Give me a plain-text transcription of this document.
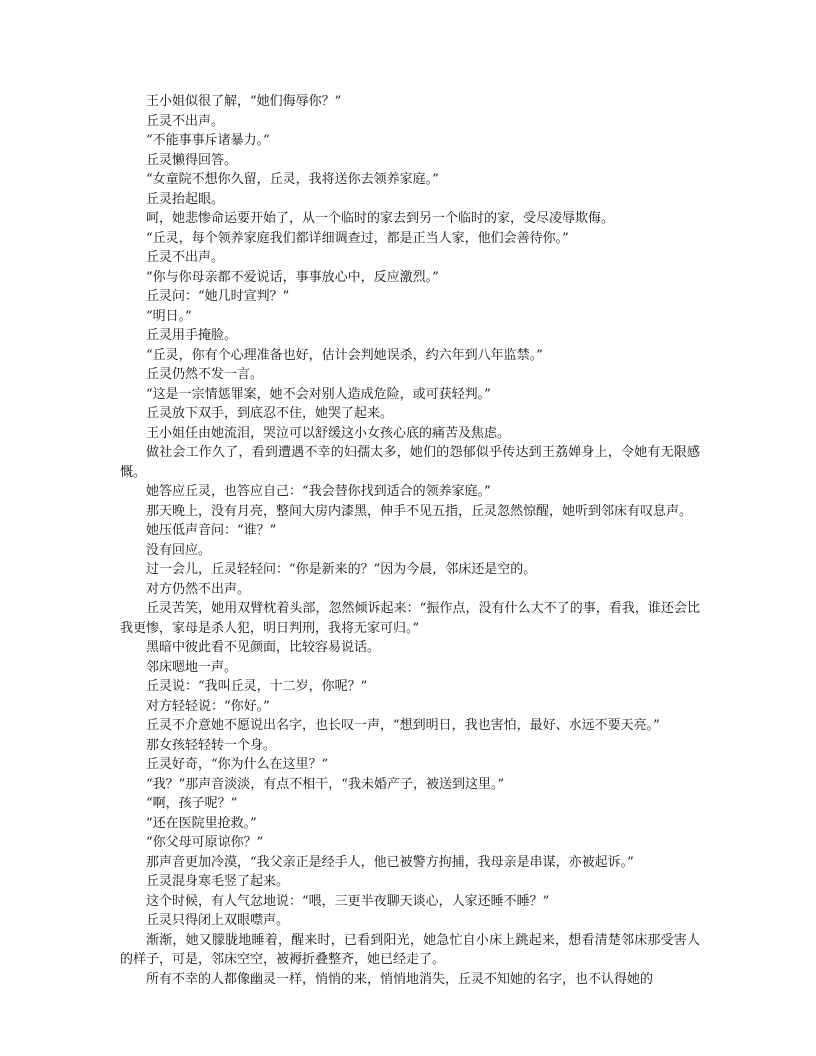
王小姐似很了解，“她们侮辱你？”

丘灵不出声。

“不能事事斥诸暴力。”

丘灵懒得回答。

“女童院不想你久留，丘灵，我将送你去领养家庭。”

丘灵抬起眼。

呵，她悲惨命运要开始了，从一个临时的家去到另一个临时的家，受尽凌辱欺侮。

“丘灵，每个领养家庭我们都详细调查过，都是正当人家，他们会善待你。”

丘灵不出声。

“你与你母亲都不爱说话，事事放心中，反应激烈。”

丘灵问：“她几时宣判？”

“明日。”

丘灵用手掩脸。

“丘灵，你有个心理准备也好，估计会判她误杀，约六年到八年监禁。”

丘灵仍然不发一言。

“这是一宗情惩罪案，她不会对别人造成危险，或可获轻判。”

丘灵放下双手，到底忍不住，她哭了起来。

王小姐任由她流泪，哭泣可以舒缓这小女孩心底的痛苦及焦虑。

做社会工作久了，看到遭遇不幸的妇孺太多，她们的怨郁似乎传达到王荔婵身上，令她有无限感慨。

她答应丘灵，也答应自己：“我会替你找到适合的领养家庭。”

那天晚上，没有月亮，整间大房内漆黑，伸手不见五指，丘灵忽然惊醒，她听到邻床有叹息声。

她压低声音问：“谁？”

没有回应。

过一会儿，丘灵轻轻问：“你是新来的？”因为今晨，邻床还是空的。

对方仍然不出声。

丘灵苦笑，她用双臂枕着头部，忽然倾诉起来：“振作点，没有什么大不了的事，看我，谁还会比我更惨，家母是杀人犯，明日判刑，我将无家可归。”

黑暗中彼此看不见颜面，比较容易说话。

邻床嗯地一声。

丘灵说：“我叫丘灵，十二岁，你呢？”

对方轻轻说：“你好。”

丘灵不介意她不愿说出名字，也长叹一声，“想到明日，我也害怕，最好、水远不要天亮。”

那女孩轻轻转一个身。

丘灵好奇，“你为什么在这里？”

“我？”那声音淡淡，有点不相干，“我未婚产子，被送到这里。”

“啊，孩子呢？”

“还在医院里抢救。”

“你父母可原谅你？”

那声音更加冷漠，“我父亲正是经手人，他已被警方拘捕，我母亲是串谋，亦被起诉。”

丘灵混身寒毛竖了起来。

这个时候，有人气忿地说：“喂，三更半夜聊天谈心，人家还睡不睡？”

丘灵只得闭上双眼噤声。

渐渐，她又朦胧地睡着，醒来时，已看到阳光，她急忙自小床上跳起来，想看清楚邻床那受害人的样子，可是，邻床空空，被褥折叠整齐，她已经走了。

所有不幸的人都像幽灵一样，悄悄的来，悄悄地消失，丘灵不知她的名字，也不认得她的
